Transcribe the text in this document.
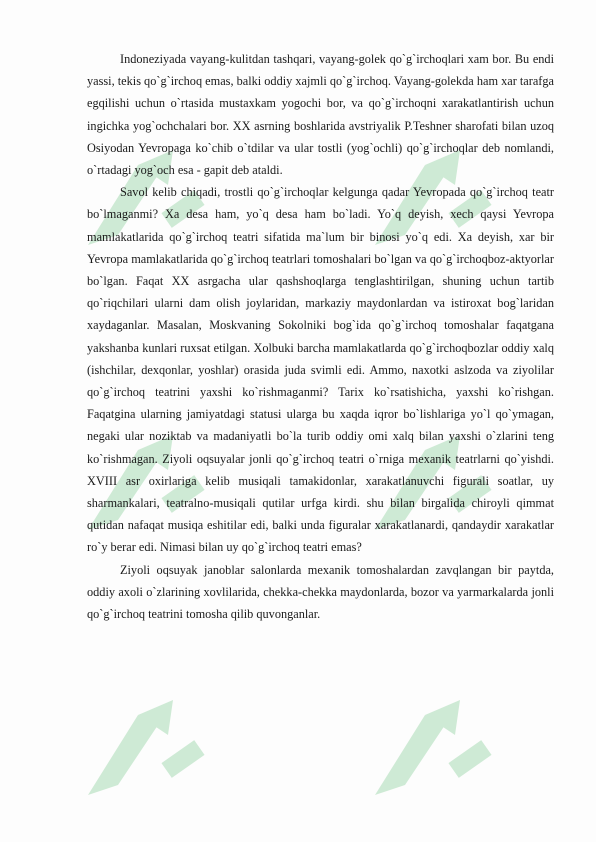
Indoneziyada vayang-kulitdan tashqari, vayang-golek qo`g`irchoqlari xam bor. Bu endi yassi, tekis qo`g`irchoq emas, balki oddiy xajmli qo`g`irchoq. Vayang-golekda ham xar tarafga egqilishi uchun o`rtasida mustaxkam yogochi bor, va qo`g`irchoqni xarakatlantirish uchun ingichka yog`ochchalari bor. XX asrning boshlarida avstriyalik P.Teshner sharofati bilan uzoq Osiyodan Yevropaga ko`chib o`tdilar va ular tostli (yog`ochli) qo`g`irchoqlar deb nomlandi, o`rtadagi yog`och esa - gapit deb ataldi.

Savol kelib chiqadi, trostli qo`g`irchoqlar kelgunga qadar Yevropada qo`g`irchoq teatr bo`lmaganmi? Xa desa ham, yo`q desa ham bo`ladi. Yo`q deyish, xech qaysi Yevropa mamlakatlarida qo`g`irchoq teatri sifatida ma`lum bir binosi yo`q edi. Xa deyish, xar bir Yevropa mamlakatlarida qo`g`irchoq teatrlari tomoshalari bo`lgan va qo`g`irchoqboz-aktyorlar bo`lgan. Faqat XX asrgacha ular qashshoqlarga tenglashtirilgan, shuning uchun tartib qo`riqchilari ularni dam olish joylaridan, markaziy maydonlardan va istiroxat bog`laridan xaydaganlar. Masalan, Moskvaning Sokolniki bog`ida qo`g`irchoq tomoshalar faqatgana yakshanba kunlari ruxsat etilgan. Xolbuki barcha mamlakatlarda qo`g`irchoqbozlar oddiy xalq (ishchilar, dexqonlar, yoshlar) orasida juda svimli edi. Ammo, naxotki aslzoda va ziyolilar qo`g`irchoq teatrini yaxshi ko`rishmaganmi? Tarix ko`rsatishicha, yaxshi ko`rishgan. Faqatgina ularning jamiyatdagi statusi ularga bu xaqda iqror bo`lishlariga yo`l qo`ymagan, negaki ular noziktab va madaniyatli bo`la turib oddiy omi xalq bilan yaxshi o`zlarini teng ko`rishmagan. Ziyoli oqsuyalar jonli qo`g`irchoq teatri o`rniga mexanik teatrlarni qo`yishdi. XVIII asr oxirlariga kelib musiqali tamakidonlar, xarakatlanuvchi figurali soatlar, uy sharmankalari, teatralno-musiqali qutilar urfga kirdi. shu bilan birgalida chiroyli qimmat qutidan nafaqat musiqa eshitilar edi, balki unda figuralar xarakatlanardi, qandaydir xarakatlar ro`y berar edi. Nimasi bilan uy qo`g`irchoq teatri emas?

Ziyoli oqsuyak janoblar salonlarda mexanik tomoshalardan zavqlangan bir paytda, oddiy axoli o`zlarining xovlilarida, chekka-chekka maydonlarda, bozor va yarmarkalarda jonli qo`g`irchoq teatrini tomosha qilib quvonganlar.
